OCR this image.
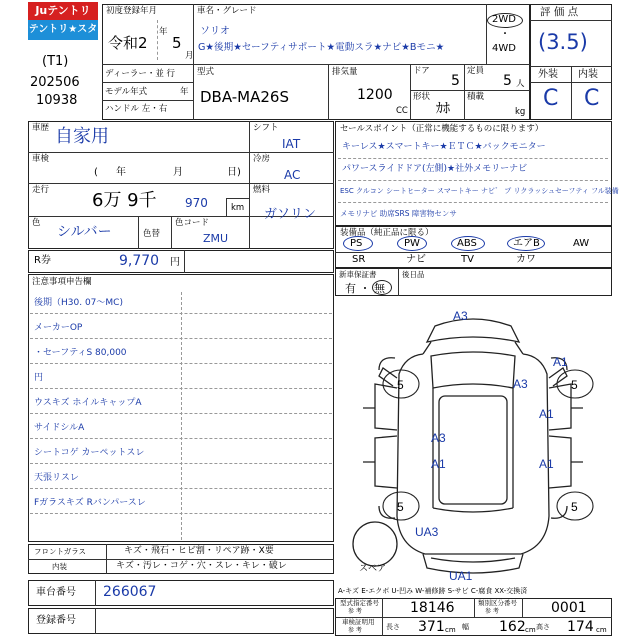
Juテントリ
テントリ★スター
(T1)
202506
10938
初度登録年月
令和2
年
5
月
車名・グレード
ソリオ
G★後期★セーフティサポート★電動スラ★ナビ★Bモニ★
2WD
・
4WD
ディーラー・並 行
モデル年式	年
ハンドル 左・右
型式
DBA-MA26S
排気量
1200
CC
ドア
5
定員
5 人
形状
ｶﾎ
積載
kg
評 価 点
(3.5)
外装 内装
C C
車歴 自家用
車検
( 年	月	日)
走行 6万 9千 970	km
色
シルバー	色替
色コード
ZMU
シフト
IAT
冷房
AC
燃料
ガソリン
R券	9,770 円
セールスポイント（正常に機能するものに限ります）
キーレス★スマートキー★ＥＴＣ★バックモニター
パワースライドドア(左側)★社外メモリーナビ
ESC クルコン シートヒーター スマートキー ナビ゛ プ リクラッシュセーフティ フル装備
メモリナビ 助席SRS 障害物センサ
装備品（純正品に限る）
PS	PW	ABS	エアB	AW
SR	ナビ	TV	カワ
新車保証書
有 ・ 無
後日品
注意事項申告欄
後期（H30. 07～MC)
メーカーOP
・セーフティS 80,000
円
ウスキズ ホイルキャップA
サイドシルA
シートコゲ カーペットスレ
天張リスレ
Fガラスキズ Rバンパースレ
フロントガラス	キズ・飛石・ヒビ割・リペア跡・X要
内装	キズ・汚レ・コゲ・穴・スレ・キレ・破レ
車台番号 266067
登録番号
A3
A1
5	5
A3
A3
A1
A1	A1
5	5
UA3
UA1
スペア
A-キズ E-エクボ U-凹み W-補修跡 S-サビ C-腐食 XX-交換済
型式指定番号
参 考	18146	類別区分番号
参 考	0001
車検証明用
参 考	長さ 371 cm 幅 162 cm 高さ 174 cm
